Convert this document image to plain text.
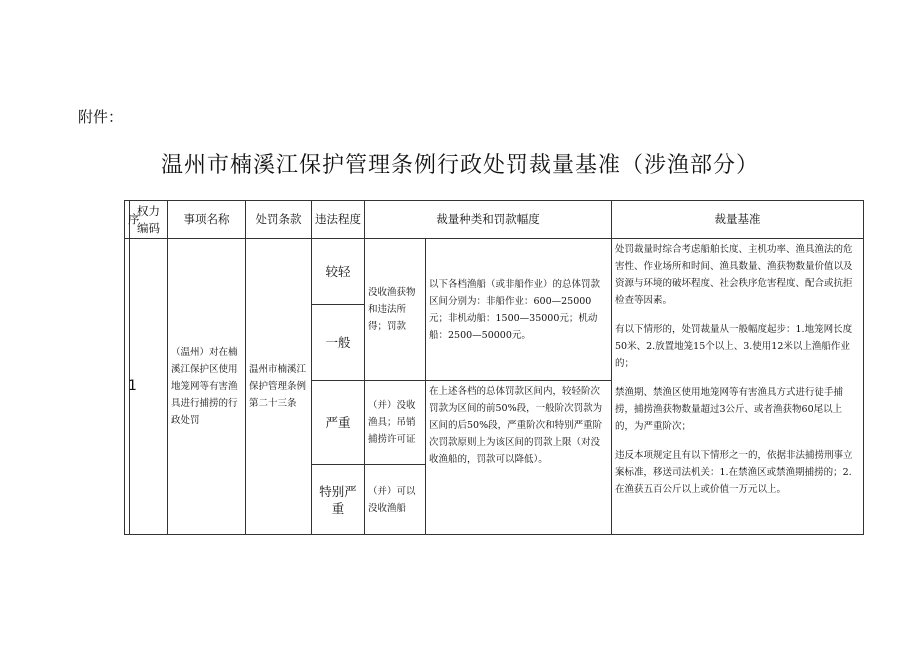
附件：
温州市楠溪江保护管理条例行政处罚裁量基准（涉渔部分）
序	权力编码	事项名称	处罚条款	违法程度	裁量种类和罚款幅度		裁量基准
1		（温州）对在楠溪江保护区使用地笼网等有害渔具进行捕捞的行政处罚	温州市楠溪江保护管理条例第二十三条	较轻	没收渔获物和违法所得；罚款	以下各档渔船（或非船作业）的总体罚款区间分别为：非船作业：600—25000元；非机动船：1500—35000元；机动船：2500—50000元。	处罚裁量时综合考虑船舶长度、主机功率、渔具渔法的危害性、作业场所和时间、渔具数量、渔获物数量价值以及资源与环境的破坏程度、社会秩序危害程度、配合或抗拒检查等因素。

有以下情形的，处罚裁量从一般幅度起步：1.地笼网长度50米、2.放置地笼15个以上、3.使用12米以上渔船作业的；

禁渔期、禁渔区使用地笼网等有害渔具方式进行徒手捕捞，捕捞渔获物数量超过3公斤、或者渔获物60尾以上的，为严重阶次；

违反本项规定且有以下情形之一的，依据非法捕捞刑事立案标准，移送司法机关：1.在禁渔区或禁渔期捕捞的；2.在渔获五百公斤以上或价值一万元以上。

				一般			
				严重	（并）没收渔具；吊销捕捞许可证	在上述各档的总体罚款区间内，较轻阶次罚款为区间的前50%段，一般阶次罚款为区间的后50%段，严重阶次和特别严重阶次罚款原则上为该区间的罚款上限（对没收渔船的，罚款可以降低）。	
				特别严重	（并）可以没收渔船		
